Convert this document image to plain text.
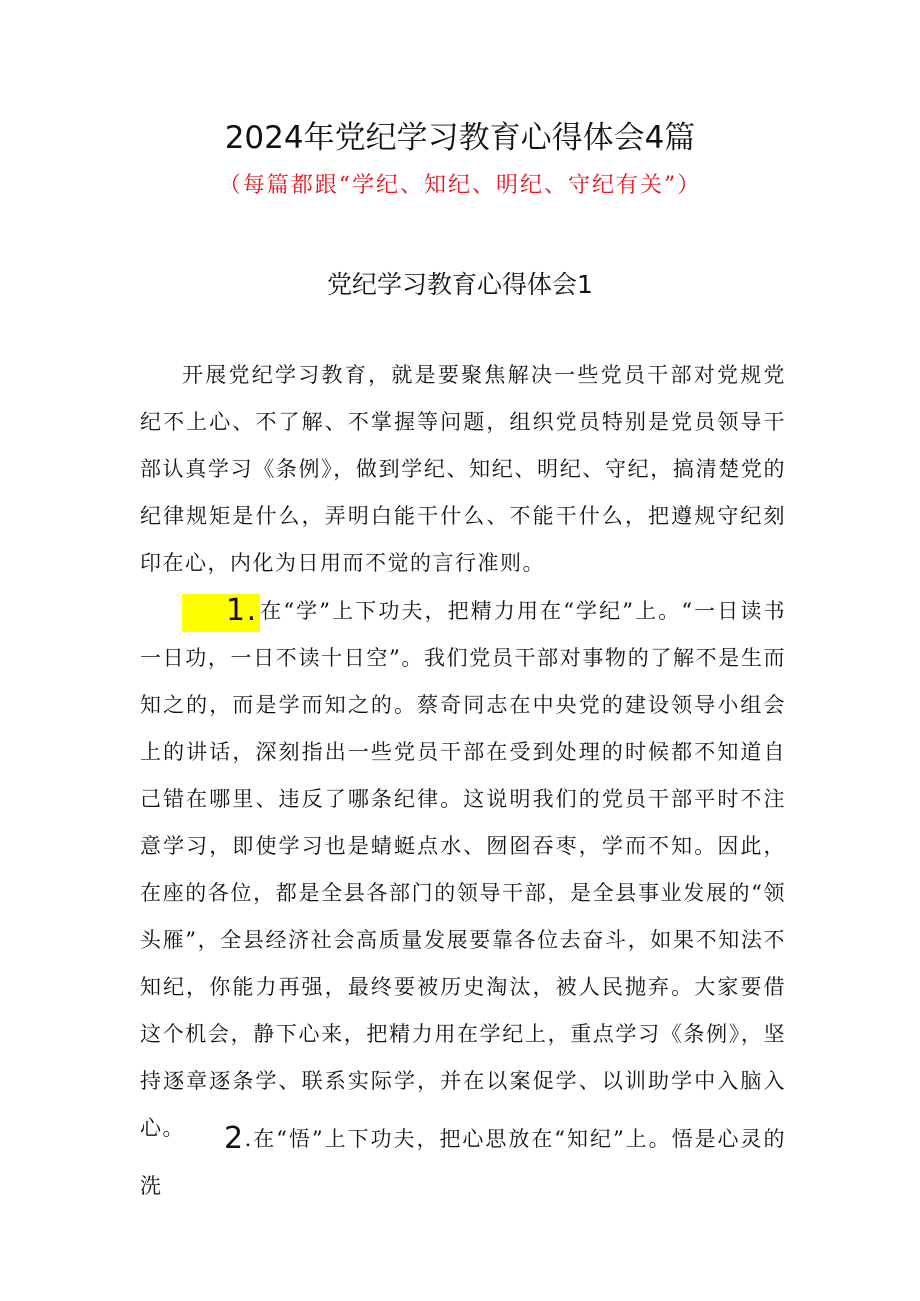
2024年党纪学习教育心得体会4篇
（每篇都跟“学纪、知纪、明纪、守纪有关”）
党纪学习教育心得体会1

开展党纪学习教育，就是要聚焦解决一些党员干部对党规党纪不上心、不了解、不掌握等问题，组织党员特别是党员领导干部认真学习《条例》，做到学纪、知纪、明纪、守纪，搞清楚党的纪律规矩是什么，弄明白能干什么、不能干什么，把遵规守纪刻印在心，内化为日用而不觉的言行准则。

1.在“学”上下功夫，把精力用在“学纪”上。“一日读书一日功，一日不读十日空”。我们党员干部对事物的了解不是生而知之的，而是学而知之的。蔡奇同志在中央党的建设领导小组会上的讲话，深刻指出一些党员干部在受到处理的时候都不知道自己错在哪里、违反了哪条纪律。这说明我们的党员干部平时不注意学习，即使学习也是蜻蜓点水、囫囵吞枣，学而不知。因此，在座的各位，都是全县各部门的领导干部，是全县事业发展的“领头雁”，全县经济社会高质量发展要靠各位去奋斗，如果不知法不知纪，你能力再强，最终要被历史淘汰，被人民抛弃。大家要借这个机会，静下心来，把精力用在学纪上，重点学习《条例》，坚持逐章逐条学、联系实际学，并在以案促学、以训助学中入脑入心。	2.在“悟”上下功夫，把心思放在“知纪”上。悟是心灵的洗
